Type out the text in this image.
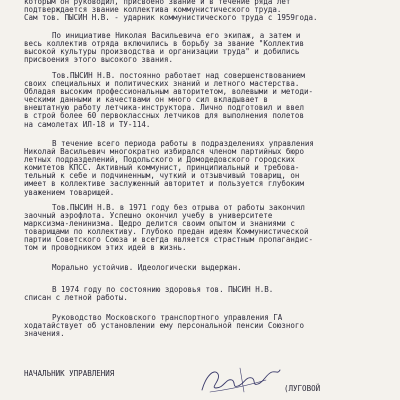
которым он руководил, присвоено звание и в течение ряда лет
подтверждается звание коллектива коммунистического труда.
Сам тов. ПЫСИН Н.В. - ударник коммунистического труда с 1959года.
По инициативе Николая Васильевича его экипаж, а затем и
весь коллектив отряда включились в борьбу за звание "Коллектив
высокой культуры производства и организации труда" и добились
присвоения этого высокого звания.
Тов.ПЫСИН Н.В. постоянно работает над совершенствованием
своих специальных и политических знаний и летного мастерства.
Обладая высоким профессиональным авторитетом, волевыми и методи-
ческими данными и качествами он много сил вкладывает в
внештатную работу летчика-инструктора. Лично подготовил и ввел
в строй более 60 первоклассных летчиков для выполнения полетов
на самолетах ИЛ-18 и ТУ-114.
В течение всего периода работы в подразделениях управления
Николай Васильевич многократно избирался членом партийных бюро
летных подразделений, Подольского и Домодедовского городских
комитетов КПСС. Активный коммунист, принципиальный и требова-
тельный к себе и подчиненным, чуткий и отзывчивый товарищ, он
имеет в коллективе заслуженный авторитет и пользуется глубоким
уважением товарищей.
Тов.ПЫСИН Н.В. в 1971 году без отрыва от работы закончил
заочный аэрофлота. Успешно окончил учебу в университете
марксизма-ленинизма. Щедро делится своим опытом и знаниями с
товарищами по коллективу. Глубоко предан идеям Коммунистической
партии Советского Союза и всегда является страстным пропагандис-
том и проводником этих идей в жизнь.
Морально устойчив. Идеологически выдержан.
В 1974 году по состоянию здоровья тов. ПЫСИН Н.В.
списан с летной работы.
Руководство Московского транспортного управления ГА
ходатайствует об установлении ему персональной пенсии Союзного
значения.
НАЧАЛЬНИК УПРАВЛЕНИЯ
(ЛУГОВОЙ
